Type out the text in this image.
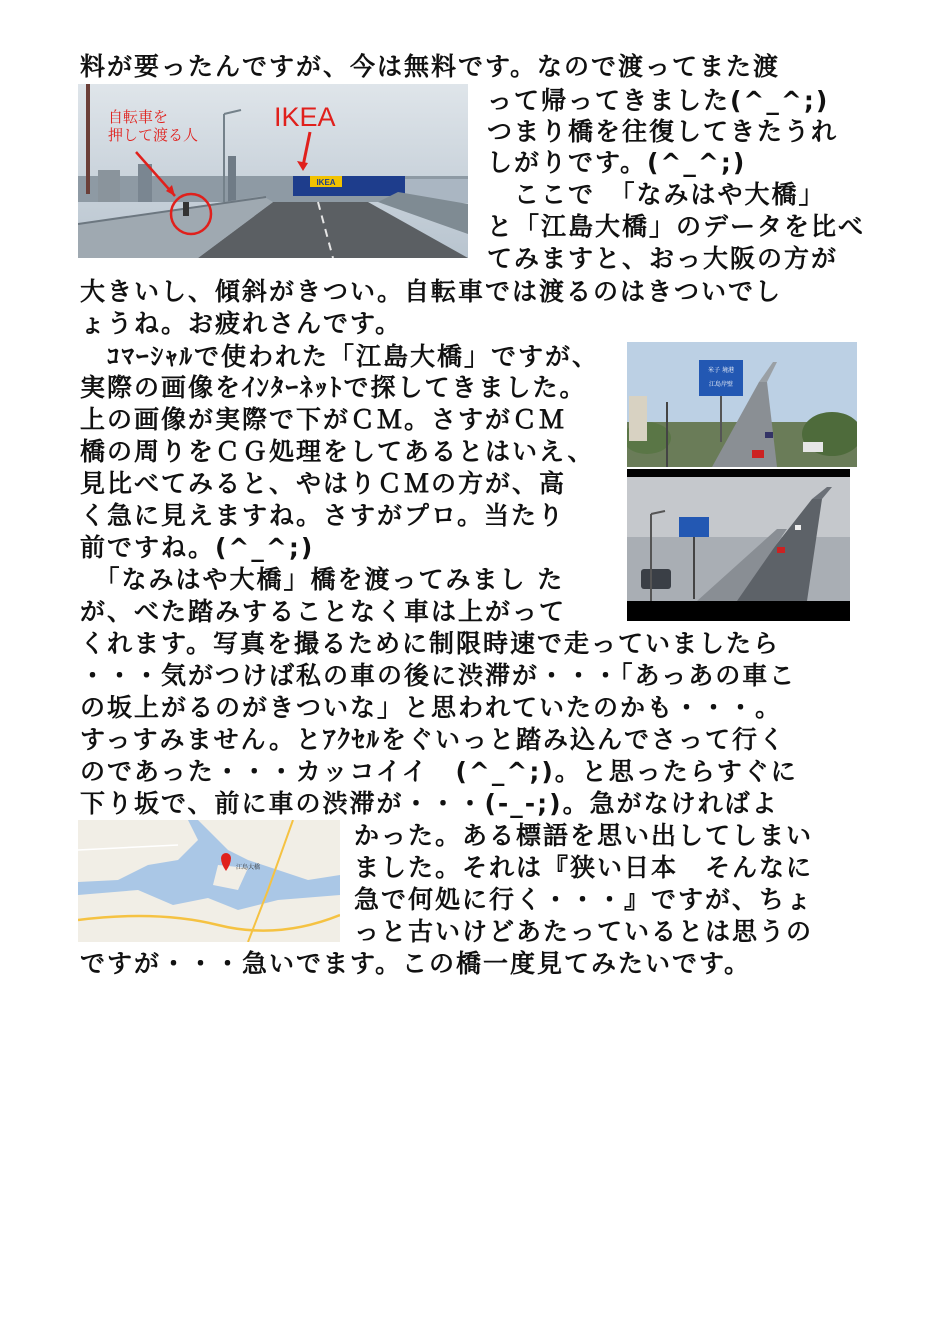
料が要ったんですが、今は無料です。なので渡ってまた渡
って帰ってきました(^_^;)
つまり橋を往復してきたうれ
しがりです。(^_^;)
　ここで　「なみはや大橋」
と「江島大橋」のデータを比べ
てみますと、おっ大阪の方が
大きいし、傾斜がきつい。自転車では渡るのはきついでし
ょうね。お疲れさんです。
　ｺﾏｰｼｬﾙで使われた「江島大橋」ですが、
実際の画像をｲﾝﾀｰﾈｯﾄで探してきました。
上の画像が実際で下がＣＭ。さすがＣＭ
橋の周りをＣＧ処理をしてあるとはいえ、
見比べてみると、やはりＣＭの方が、高
く急に見えますね。さすがプロ。当たり
前ですね。(^_^;)
　「なみはや大橋」橋を渡ってみまし た
が、べた踏みすることなく車は上がって
くれます。写真を撮るために制限時速で走っていましたら
・・・気がつけば私の車の後に渋滞が・・・「あっあの車こ
の坂上がるのがきついな」と思われていたのかも・・・。
すっすみません。とｱｸｾﾙをぐいっと踏み込んでさって行く
のであった・・・カッコイイ　(^_^;)。と思ったらすぐに
下り坂で、前に車の渋滞が・・・(-_-;)。急がなければよ
かった。ある標語を思い出してしまい
ました。それは『狭い日本　そんなに
急で何処に行く・・・』ですが、ちょ
っと古いけどあたっているとは思うの
ですが・・・急いでます。この橋一度見てみたいです。
IKEA
自転車を
押して渡る人
IKEA
米子 境港
江島岸壁
江島大橋
